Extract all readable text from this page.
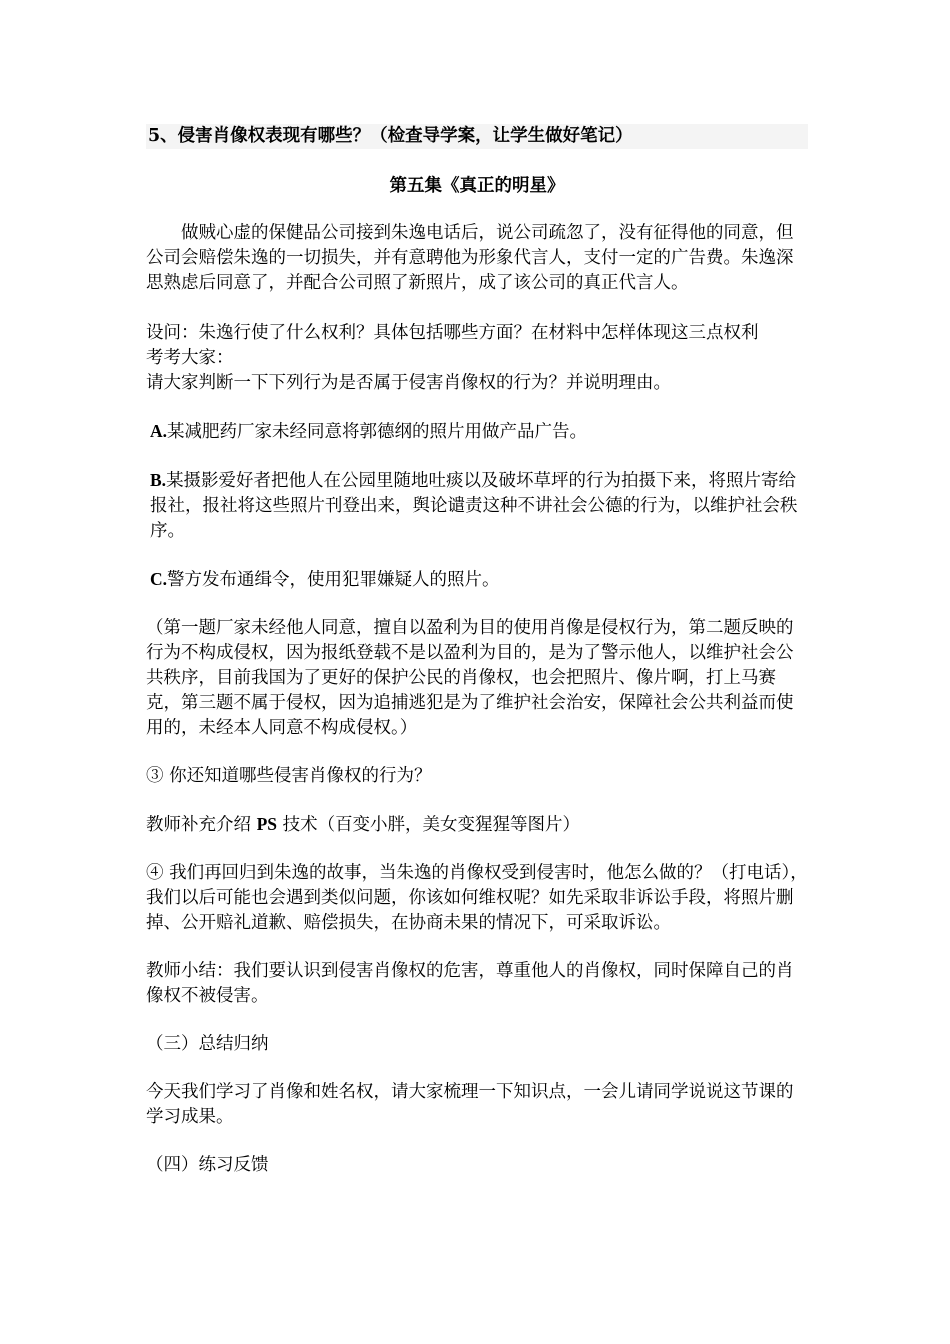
5、侵害肖像权表现有哪些？（检查导学案，让学生做好笔记）

第五集《真正的明星》

做贼心虚的保健品公司接到朱逸电话后，说公司疏忽了，没有征得他的同意，但公司会赔偿朱逸的一切损失，并有意聘他为形象代言人，支付一定的广告费。朱逸深思熟虑后同意了，并配合公司照了新照片，成了该公司的真正代言人。

设问：朱逸行使了什么权利？具体包括哪些方面？在材料中怎样体现这三点权利

考考大家：

请大家判断一下下列行为是否属于侵害肖像权的行为？并说明理由。

A.某减肥药厂家未经同意将郭德纲的照片用做产品广告。

B.某摄影爱好者把他人在公园里随地吐痰以及破坏草坪的行为拍摄下来，将照片寄给报社，报社将这些照片刊登出来，舆论谴责这种不讲社会公德的行为，以维护社会秩序。

C.警方发布通缉令，使用犯罪嫌疑人的照片。

（第一题厂家未经他人同意，擅自以盈利为目的使用肖像是侵权行为，第二题反映的行为不构成侵权，因为报纸登载不是以盈利为目的，是为了警示他人，以维护社会公共秩序，目前我国为了更好的保护公民的肖像权，也会把照片、像片啊，打上马赛克，第三题不属于侵权，因为追捕逃犯是为了维护社会治安，保障社会公共利益而使用的，未经本人同意不构成侵权。）

③ 你还知道哪些侵害肖像权的行为？

教师补充介绍 PS 技术（百变小胖，美女变猩猩等图片）

④ 我们再回归到朱逸的故事，当朱逸的肖像权受到侵害时，他怎么做的？（打电话），我们以后可能也会遇到类似问题，你该如何维权呢？如先采取非诉讼手段，将照片删掉、公开赔礼道歉、赔偿损失，在协商未果的情况下，可采取诉讼。

教师小结：我们要认识到侵害肖像权的危害，尊重他人的肖像权，同时保障自己的肖像权不被侵害。

（三）总结归纳

今天我们学习了肖像和姓名权，请大家梳理一下知识点，一会儿请同学说说这节课的学习成果。

（四）练习反馈
